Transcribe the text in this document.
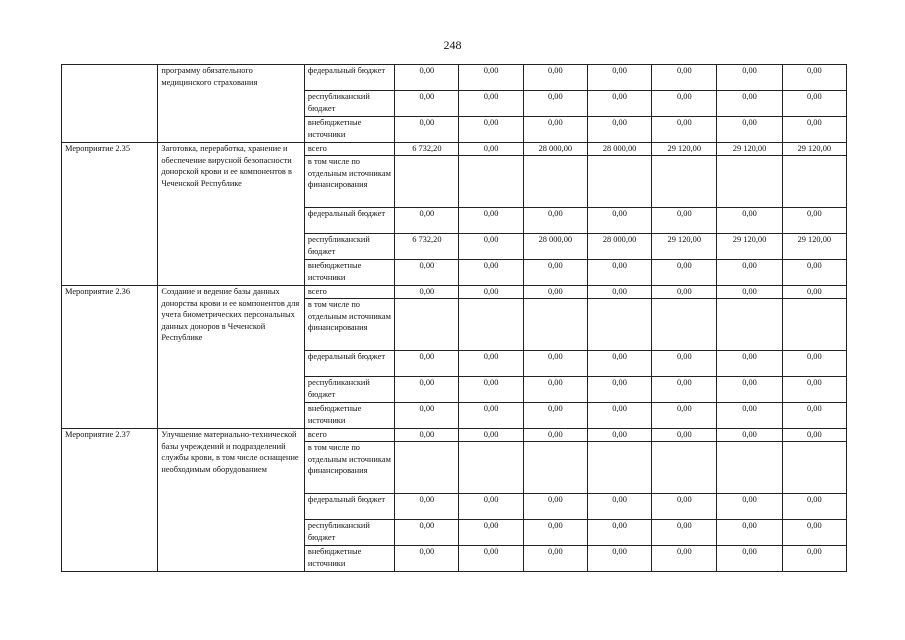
248
	программу обязательного медицинского страхования	федеральный бюджет	0,00	0,00	0,00	0,00	0,00	0,00	0,00
		республиканский бюджет	0,00	0,00	0,00	0,00	0,00	0,00	0,00
		внебюджетные источники	0,00	0,00	0,00	0,00	0,00	0,00	0,00
Мероприятие 2.35	Заготовка, переработка, хранение и обеспечение вирусной безопасности донорской крови и ее компонентов в Чеченской Республике	всего	6 732,20	0,00	28 000,00	28 000,00	29 120,00	29 120,00	29 120,00
		в том числе по отдельным источникам финансирования							
		федеральный бюджет	0,00	0,00	0,00	0,00	0,00	0,00	0,00
		республиканский бюджет	6 732,20	0,00	28 000,00	28 000,00	29 120,00	29 120,00	29 120,00
		внебюджетные источники	0,00	0,00	0,00	0,00	0,00	0,00	0,00
Мероприятие 2.36	Создание и ведение базы данных донорства крови и ее компонентов для учета биометрических персональных данных доноров в Чеченской Республике	всего	0,00	0,00	0,00	0,00	0,00	0,00	0,00
		в том числе по отдельным источникам финансирования							
		федеральный бюджет	0,00	0,00	0,00	0,00	0,00	0,00	0,00
		республиканский бюджет	0,00	0,00	0,00	0,00	0,00	0,00	0,00
		внебюджетные источники	0,00	0,00	0,00	0,00	0,00	0,00	0,00
Мероприятие 2.37	Улучшение материально-технической базы учреждений и подразделений службы крови, в том числе оснащение необходимым оборудованием	всего	0,00	0,00	0,00	0,00	0,00	0,00	0,00
		в том числе по отдельным источникам финансирования							
		федеральный бюджет	0,00	0,00	0,00	0,00	0,00	0,00	0,00
		республиканский бюджет	0,00	0,00	0,00	0,00	0,00	0,00	0,00
		внебюджетные источники	0,00	0,00	0,00	0,00	0,00	0,00	0,00
